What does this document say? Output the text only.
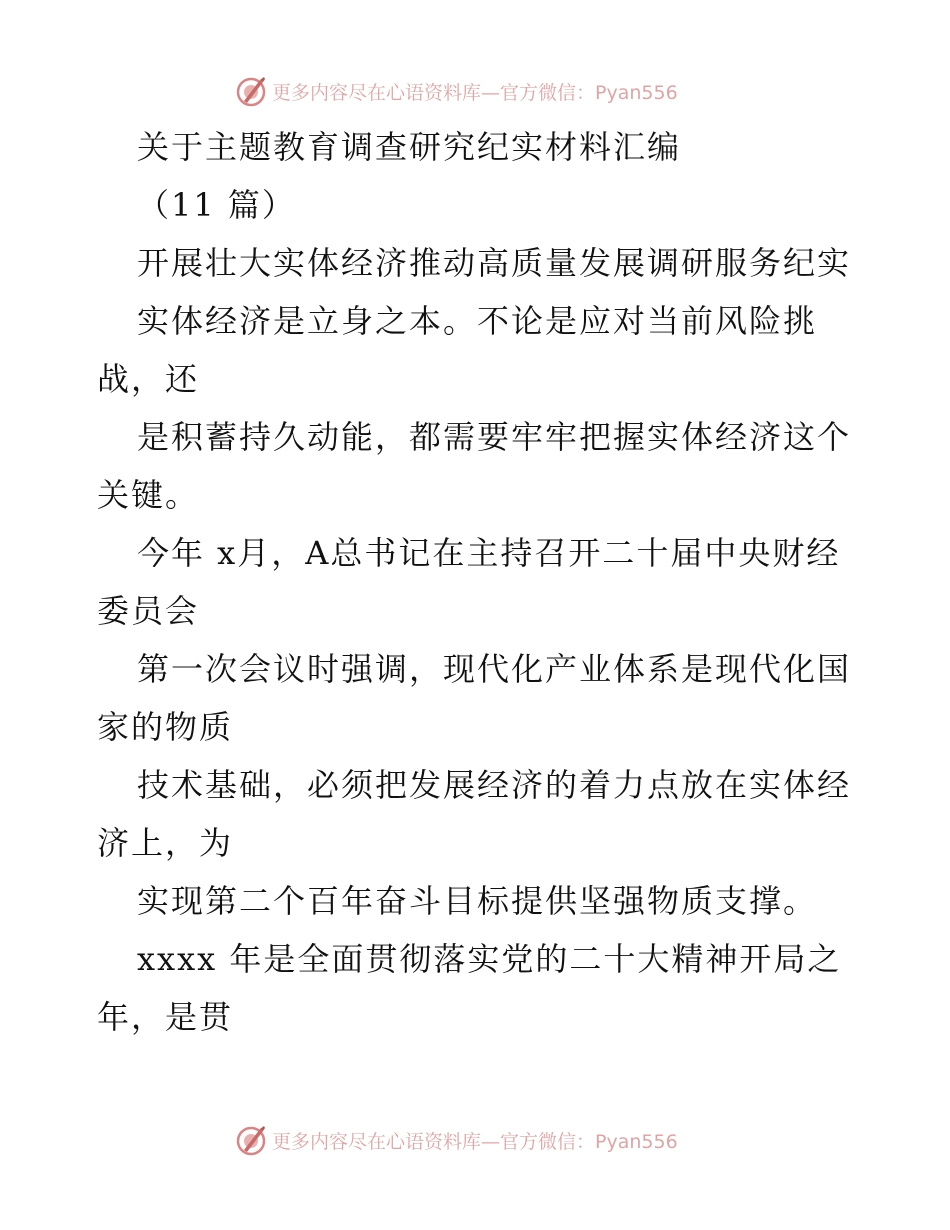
更多内容尽在心语资料库—官方微信：Pyan556
关于主题教育调查研究纪实材料汇编
（11 篇）
开展壮大实体经济推动高质量发展调研服务纪实
实体经济是立身之本。不论是应对当前风险挑
战，还
是积蓄持久动能，都需要牢牢把握实体经济这个
关键。
今年 x月，A总书记在主持召开二十届中央财经
委员会
第一次会议时强调，现代化产业体系是现代化国
家的物质
技术基础，必须把发展经济的着力点放在实体经
济上，为
实现第二个百年奋斗目标提供坚强物质支撑。
xxxx 年是全面贯彻落实党的二十大精神开局之
年，是贯
更多内容尽在心语资料库—官方微信：Pyan556
